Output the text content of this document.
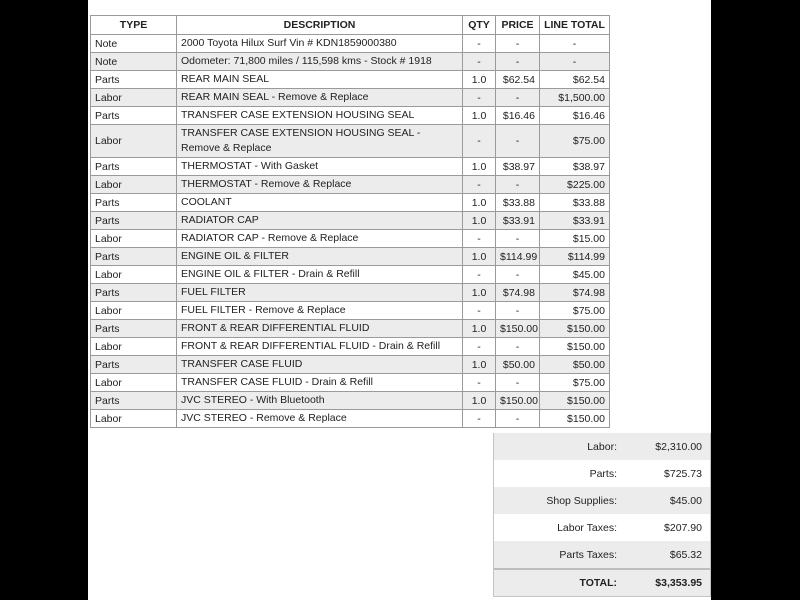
TYPE	DESCRIPTION	QTY	PRICE	LINE TOTAL
Note	2000 Toyota Hilux Surf Vin # KDN1859000380	-	-	-
Note	Odometer: 71,800 miles / 115,598 kms - Stock # 1918	-	-	-
Parts	REAR MAIN SEAL	1.0	$62.54	$62.54
Labor	REAR MAIN SEAL - Remove & Replace	-	-	$1,500.00
Parts	TRANSFER CASE EXTENSION HOUSING SEAL	1.0	$16.46	$16.46
Labor	TRANSFER CASE EXTENSION HOUSING SEAL - Remove & Replace	-	-	$75.00
Parts	THERMOSTAT - With Gasket	1.0	$38.97	$38.97
Labor	THERMOSTAT - Remove & Replace	-	-	$225.00
Parts	COOLANT	1.0	$33.88	$33.88
Parts	RADIATOR CAP	1.0	$33.91	$33.91
Labor	RADIATOR CAP - Remove & Replace	-	-	$15.00
Parts	ENGINE OIL & FILTER	1.0	$114.99	$114.99
Labor	ENGINE OIL & FILTER - Drain & Refill	-	-	$45.00
Parts	FUEL FILTER	1.0	$74.98	$74.98
Labor	FUEL FILTER - Remove & Replace	-	-	$75.00
Parts	FRONT & REAR DIFFERENTIAL FLUID	1.0	$150.00	$150.00
Labor	FRONT & REAR DIFFERENTIAL FLUID - Drain & Refill	-	-	$150.00
Parts	TRANSFER CASE FLUID	1.0	$50.00	$50.00
Labor	TRANSFER CASE FLUID - Drain & Refill	-	-	$75.00
Parts	JVC STEREO - With Bluetooth	1.0	$150.00	$150.00
Labor	JVC STEREO - Remove & Replace	-	-	$150.00
Labor:	$2,310.00
Parts:	$725.73
Shop Supplies:	$45.00
Labor Taxes:	$207.90
Parts Taxes:	$65.32
TOTAL:	$3,353.95
